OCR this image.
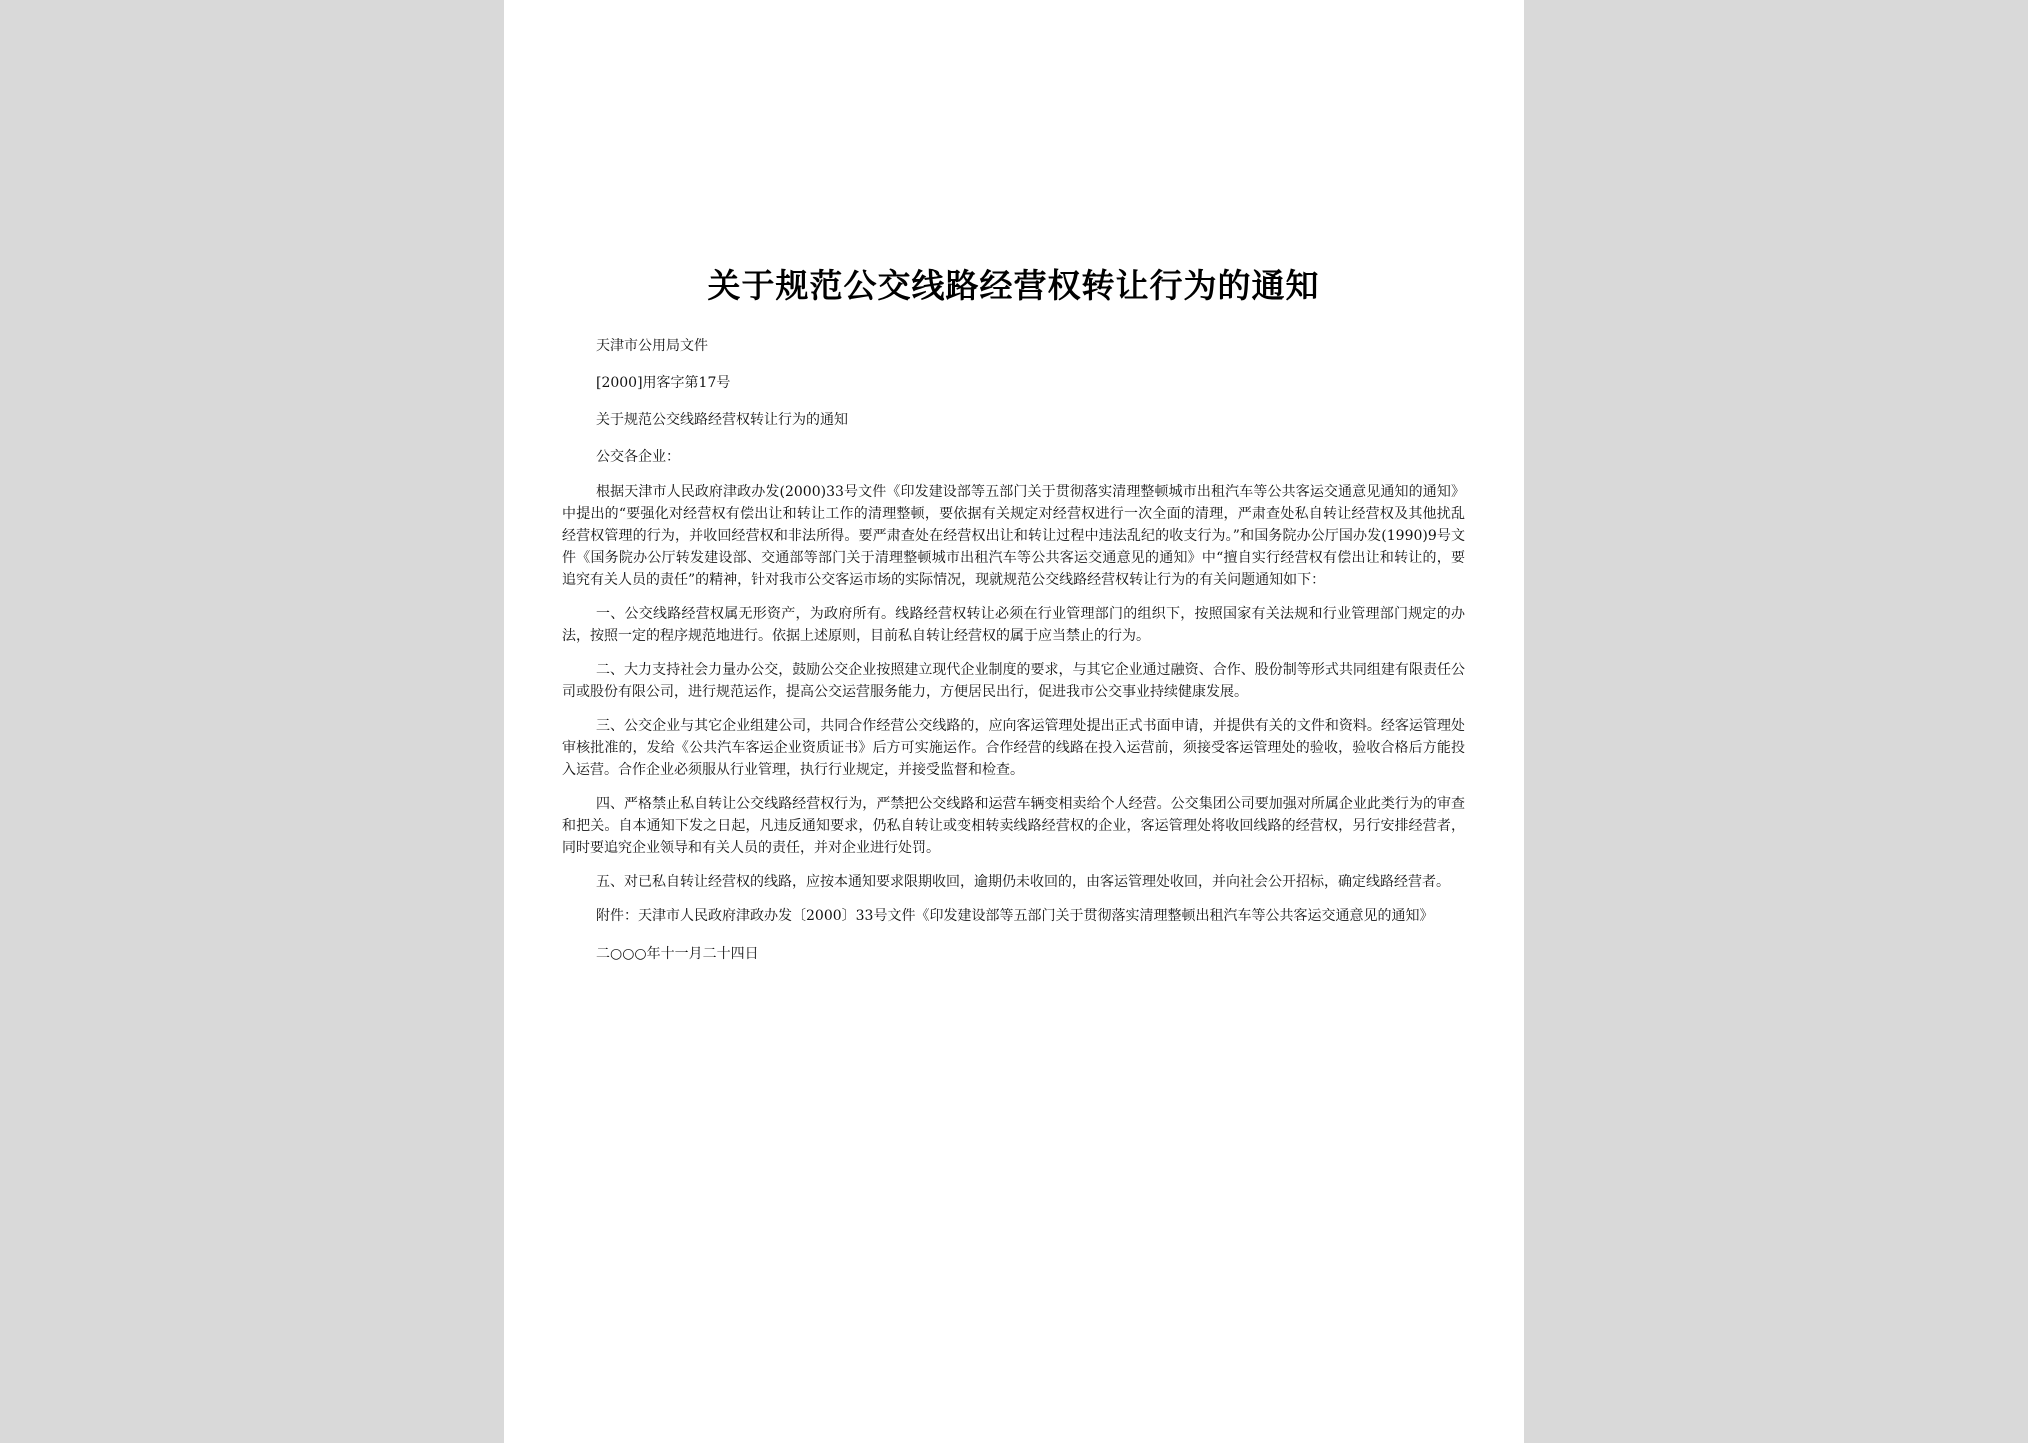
关于规范公交线路经营权转让行为的通知

天津市公用局文件

[2000]用客字第17号

关于规范公交线路经营权转让行为的通知

公交各企业：

根据天津市人民政府津政办发(2000)33号文件《印发建设部等五部门关于贯彻落实清理整顿城市出租汽车等公共客运交通意见通知的通知》中提出的“要强化对经营权有偿出让和转让工作的清理整顿，要依据有关规定对经营权进行一次全面的清理，严肃查处私自转让经营权及其他扰乱经营权管理的行为，并收回经营权和非法所得。要严肃查处在经营权出让和转让过程中违法乱纪的收支行为。”和国务院办公厅国办发(1990)9号文件《国务院办公厅转发建设部、交通部等部门关于清理整顿城市出租汽车等公共客运交通意见的通知》中“擅自实行经营权有偿出让和转让的，要追究有关人员的责任”的精神，针对我市公交客运市场的实际情况，现就规范公交线路经营权转让行为的有关问题通知如下：

一、公交线路经营权属无形资产，为政府所有。线路经营权转让必须在行业管理部门的组织下，按照国家有关法规和行业管理部门规定的办法，按照一定的程序规范地进行。依据上述原则，目前私自转让经营权的属于应当禁止的行为。

二、大力支持社会力量办公交，鼓励公交企业按照建立现代企业制度的要求，与其它企业通过融资、合作、股份制等形式共同组建有限责任公司或股份有限公司，进行规范运作，提高公交运营服务能力，方便居民出行，促进我市公交事业持续健康发展。

三、公交企业与其它企业组建公司，共同合作经营公交线路的，应向客运管理处提出正式书面申请，并提供有关的文件和资料。经客运管理处审核批准的，发给《公共汽车客运企业资质证书》后方可实施运作。合作经营的线路在投入运营前，须接受客运管理处的验收，验收合格后方能投入运营。合作企业必须服从行业管理，执行行业规定，并接受监督和检查。

四、严格禁止私自转让公交线路经营权行为，严禁把公交线路和运营车辆变相卖给个人经营。公交集团公司要加强对所属企业此类行为的审查和把关。自本通知下发之日起，凡违反通知要求，仍私自转让或变相转卖线路经营权的企业，客运管理处将收回线路的经营权，另行安排经营者，同时要追究企业领导和有关人员的责任，并对企业进行处罚。

五、对已私自转让经营权的线路，应按本通知要求限期收回，逾期仍未收回的，由客运管理处收回，并向社会公开招标，确定线路经营者。

附件：天津市人民政府津政办发〔2000〕33号文件《印发建设部等五部门关于贯彻落实清理整顿出租汽车等公共客运交通意见的通知》

二○○○年十一月二十四日
